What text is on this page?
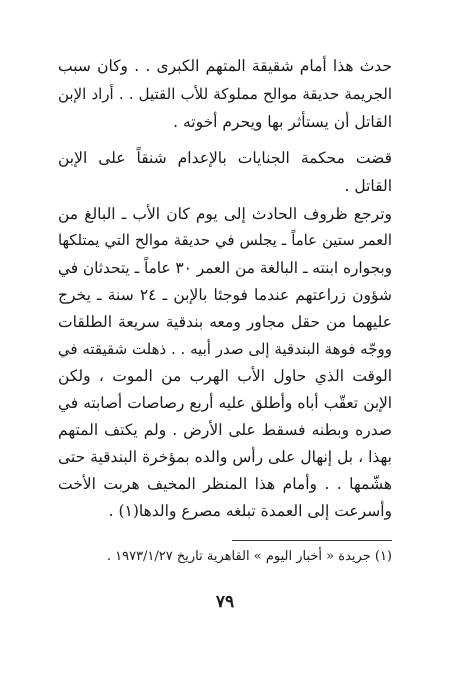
حدث هذا أمام شقيقة المتهم الكبرى . . وكان سبب
الجريمة حديقة موالح مملوكة للأب القتيل . . أراد الإبن
القاتل أن يستأثر بها ويحرم أخوته .
قضت محكمة الجنايات بالإعدام شنقاً على الإبن
القاتل .
وترجع ظروف الحادث إلى يوم كان الأب ـ البالغ من
العمر ستين عاماً ـ يجلس في حديقة موالح التي يمتلكها
وبجواره ابنته ـ البالغة من العمر ٣٠ عاماً ـ يتحدثان في
شؤون زراعتهم عندما فوجئا بالإبن ـ ٢٤ سنة ـ يخرج
عليهما من حقل مجاور ومعه بندقية سريعة الطلقات
ووجّه فوهة البندقية إلى صدر أبيه . . ذهلت شقيقته في
الوقت الذي حاول الأب الهرب من الموت ، ولكن
الإبن تعقّب أباه وأطلق عليه أربع رصاصات أصابته في
صدره وبطنه فسقط على الأرض . ولم يكتف المتهم
بهذا ، بل إنهال على رأس والده بمؤخرة البندقية حتى
هشّمها . . وأمام هذا المنظر المخيف هربت الأخت
وأسرعت إلى العمدة تبلغه مصرع والدها(١) .
(١) جريدة « أخبار اليوم » القاهرية تاريخ ١٩٧٣/١/٢٧ .
٧٩
